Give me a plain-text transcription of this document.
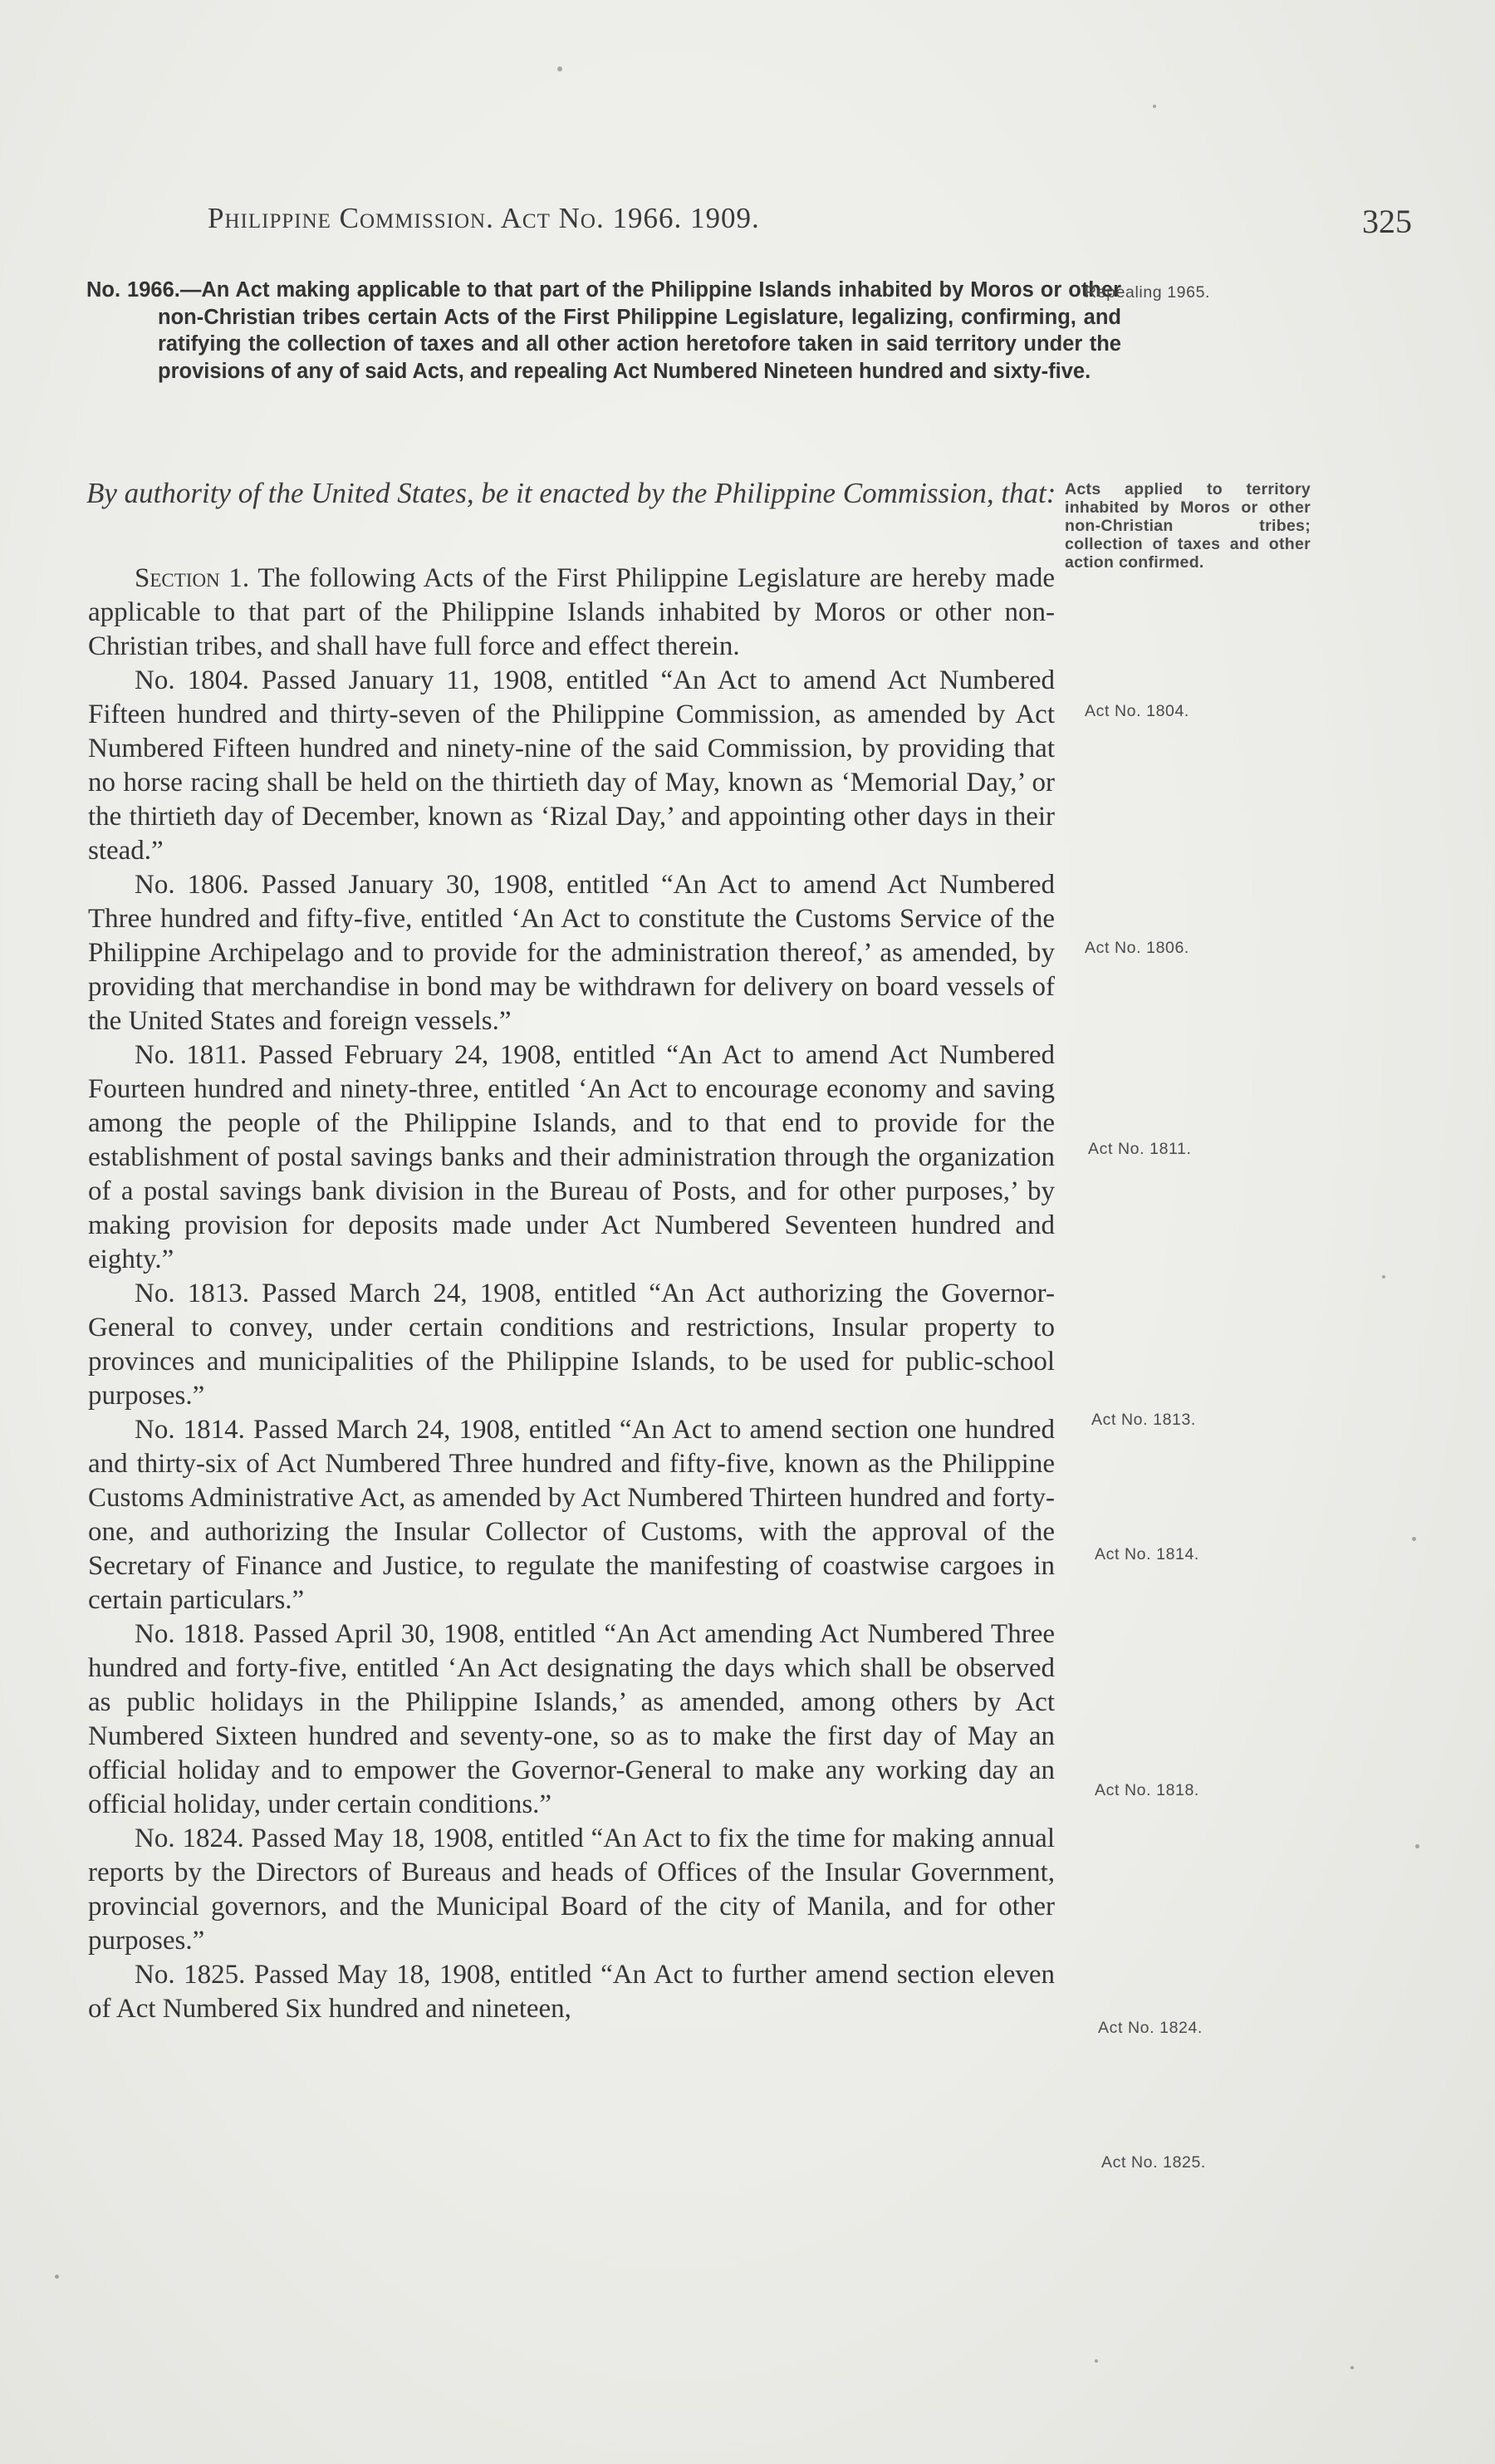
Philippine Commission. Act No. 1966. 1909.	325
No. 1966.—An Act making applicable to that part of the Philippine Islands inhabited by Moros or other non-Christian tribes certain Acts of the First Philippine Legislature, legalizing, confirming, and ratifying the collection of taxes and all other action heretofore taken in said territory under the provisions of any of said Acts, and repealing Act Numbered Nineteen hundred and sixty-five.
By authority of the United States, be it enacted by the Philippine Commission, that:

Section 1. The following Acts of the First Philippine Legislature are hereby made applicable to that part of the Philippine Islands inhabited by Moros or other non-Christian tribes, and shall have full force and effect therein.

No. 1804. Passed January 11, 1908, entitled “An Act to amend Act Numbered Fifteen hundred and thirty-seven of the Philippine Commission, as amended by Act Numbered Fifteen hundred and ninety-nine of the said Commission, by providing that no horse racing shall be held on the thirtieth day of May, known as ‘Memorial Day,’ or the thirtieth day of December, known as ‘Rizal Day,’ and appointing other days in their stead.”

No. 1806. Passed January 30, 1908, entitled “An Act to amend Act Numbered Three hundred and fifty-five, entitled ‘An Act to constitute the Customs Service of the Philippine Archipelago and to provide for the administration thereof,’ as amended, by providing that merchandise in bond may be withdrawn for delivery on board vessels of the United States and foreign vessels.”

No. 1811. Passed February 24, 1908, entitled “An Act to amend Act Numbered Fourteen hundred and ninety-three, entitled ‘An Act to encourage economy and saving among the people of the Philippine Islands, and to that end to provide for the establishment of postal savings banks and their administration through the organization of a postal savings bank division in the Bureau of Posts, and for other purposes,’ by making provision for deposits made under Act Numbered Seventeen hundred and eighty.”

No. 1813. Passed March 24, 1908, entitled “An Act authorizing the Governor-General to convey, under certain conditions and restrictions, Insular property to provinces and municipalities of the Philippine Islands, to be used for public-school purposes.”

No. 1814. Passed March 24, 1908, entitled “An Act to amend section one hundred and thirty-six of Act Numbered Three hundred and fifty-five, known as the Philippine Customs Administrative Act, as amended by Act Numbered Thirteen hundred and forty-one, and authorizing the Insular Collector of Customs, with the approval of the Secretary of Finance and Justice, to regulate the manifesting of coastwise cargoes in certain particulars.”

No. 1818. Passed April 30, 1908, entitled “An Act amending Act Numbered Three hundred and forty-five, entitled ‘An Act designating the days which shall be observed as public holidays in the Philippine Islands,’ as amended, among others by Act Numbered Sixteen hundred and seventy-one, so as to make the first day of May an official holiday and to empower the Governor-General to make any working day an official holiday, under certain conditions.”

No. 1824. Passed May 18, 1908, entitled “An Act to fix the time for making annual reports by the Directors of Bureaus and heads of Offices of the Insular Government, provincial governors, and the Municipal Board of the city of Manila, and for other purposes.”

No. 1825. Passed May 18, 1908, entitled “An Act to further amend section eleven of Act Numbered Six hundred and nineteen,

Repealing 1965.
Acts applied to territory inhabited by Moros or other non-Christian tribes; collection of taxes and other action confirmed.
Act No. 1804.
Act No. 1806.
Act No. 1811.
Act No. 1813.
Act No. 1814.
Act No. 1818.
Act No. 1824.
Act No. 1825.
